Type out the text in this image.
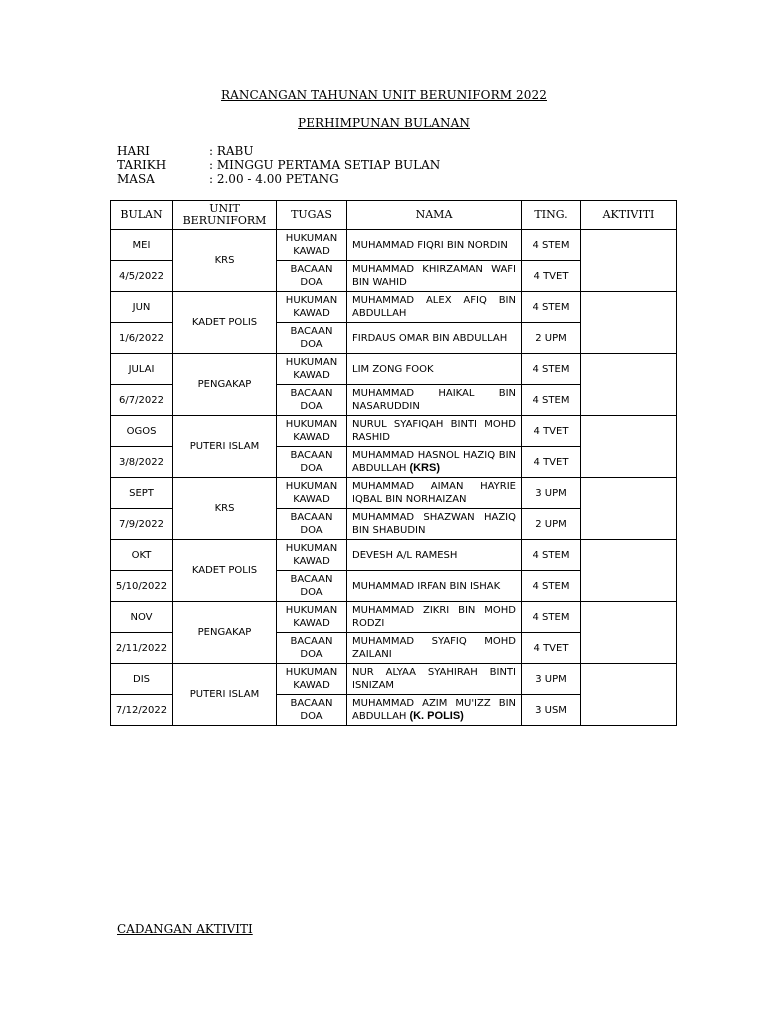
RANCANGAN TAHUNAN UNIT BERUNIFORM 2022
PERHIMPUNAN BULANAN
HARI	: RABU
TARIKH	: MINGGU PERTAMA SETIAP BULAN
MASA	: 2.00 - 4.00 PETANG
BULAN	UNIT BERUNIFORM	TUGAS	NAMA	TING.	AKTIVITI
MEI	KRS	HUKUMAN KAWAD	MUHAMMAD FIQRI BIN NORDIN	4 STEM	
4/5/2022		BACAAN DOA	MUHAMMAD KHIRZAMAN WAFI BIN WAHID	4 TVET	
JUN	KADET POLIS	HUKUMAN KAWAD	MUHAMMAD ALEX AFIQ BIN ABDULLAH	4 STEM	
1/6/2022		BACAAN DOA	FIRDAUS OMAR BIN ABDULLAH	2 UPM	
JULAI	PENGAKAP	HUKUMAN KAWAD	LIM ZONG FOOK	4 STEM	
6/7/2022		BACAAN DOA	MUHAMMAD HAIKAL BIN NASARUDDIN	4 STEM	
OGOS	PUTERI ISLAM	HUKUMAN KAWAD	NURUL SYAFIQAH BINTI MOHD RASHID	4 TVET	
3/8/2022		BACAAN DOA	MUHAMMAD HASNOL HAZIQ BIN ABDULLAH (KRS)	4 TVET	
SEPT	KRS	HUKUMAN KAWAD	MUHAMMAD AIMAN HAYRIE IQBAL BIN NORHAIZAN	3 UPM	
7/9/2022		BACAAN DOA	MUHAMMAD SHAZWAN HAZIQ BIN SHABUDIN	2 UPM	
OKT	KADET POLIS	HUKUMAN KAWAD	DEVESH A/L RAMESH	4 STEM	
5/10/2022		BACAAN DOA	MUHAMMAD IRFAN BIN ISHAK	4 STEM	
NOV	PENGAKAP	HUKUMAN KAWAD	MUHAMMAD ZIKRI BIN MOHD RODZI	4 STEM	
2/11/2022		BACAAN DOA	MUHAMMAD SYAFIQ MOHD ZAILANI	4 TVET	
DIS	PUTERI ISLAM	HUKUMAN KAWAD	NUR ALYAA SYAHIRAH BINTI ISNIZAM	3 UPM	
7/12/2022		BACAAN DOA	MUHAMMAD AZIM MU'IZZ BIN ABDULLAH (K. POLIS)	3 USM	
CADANGAN AKTIVITI
